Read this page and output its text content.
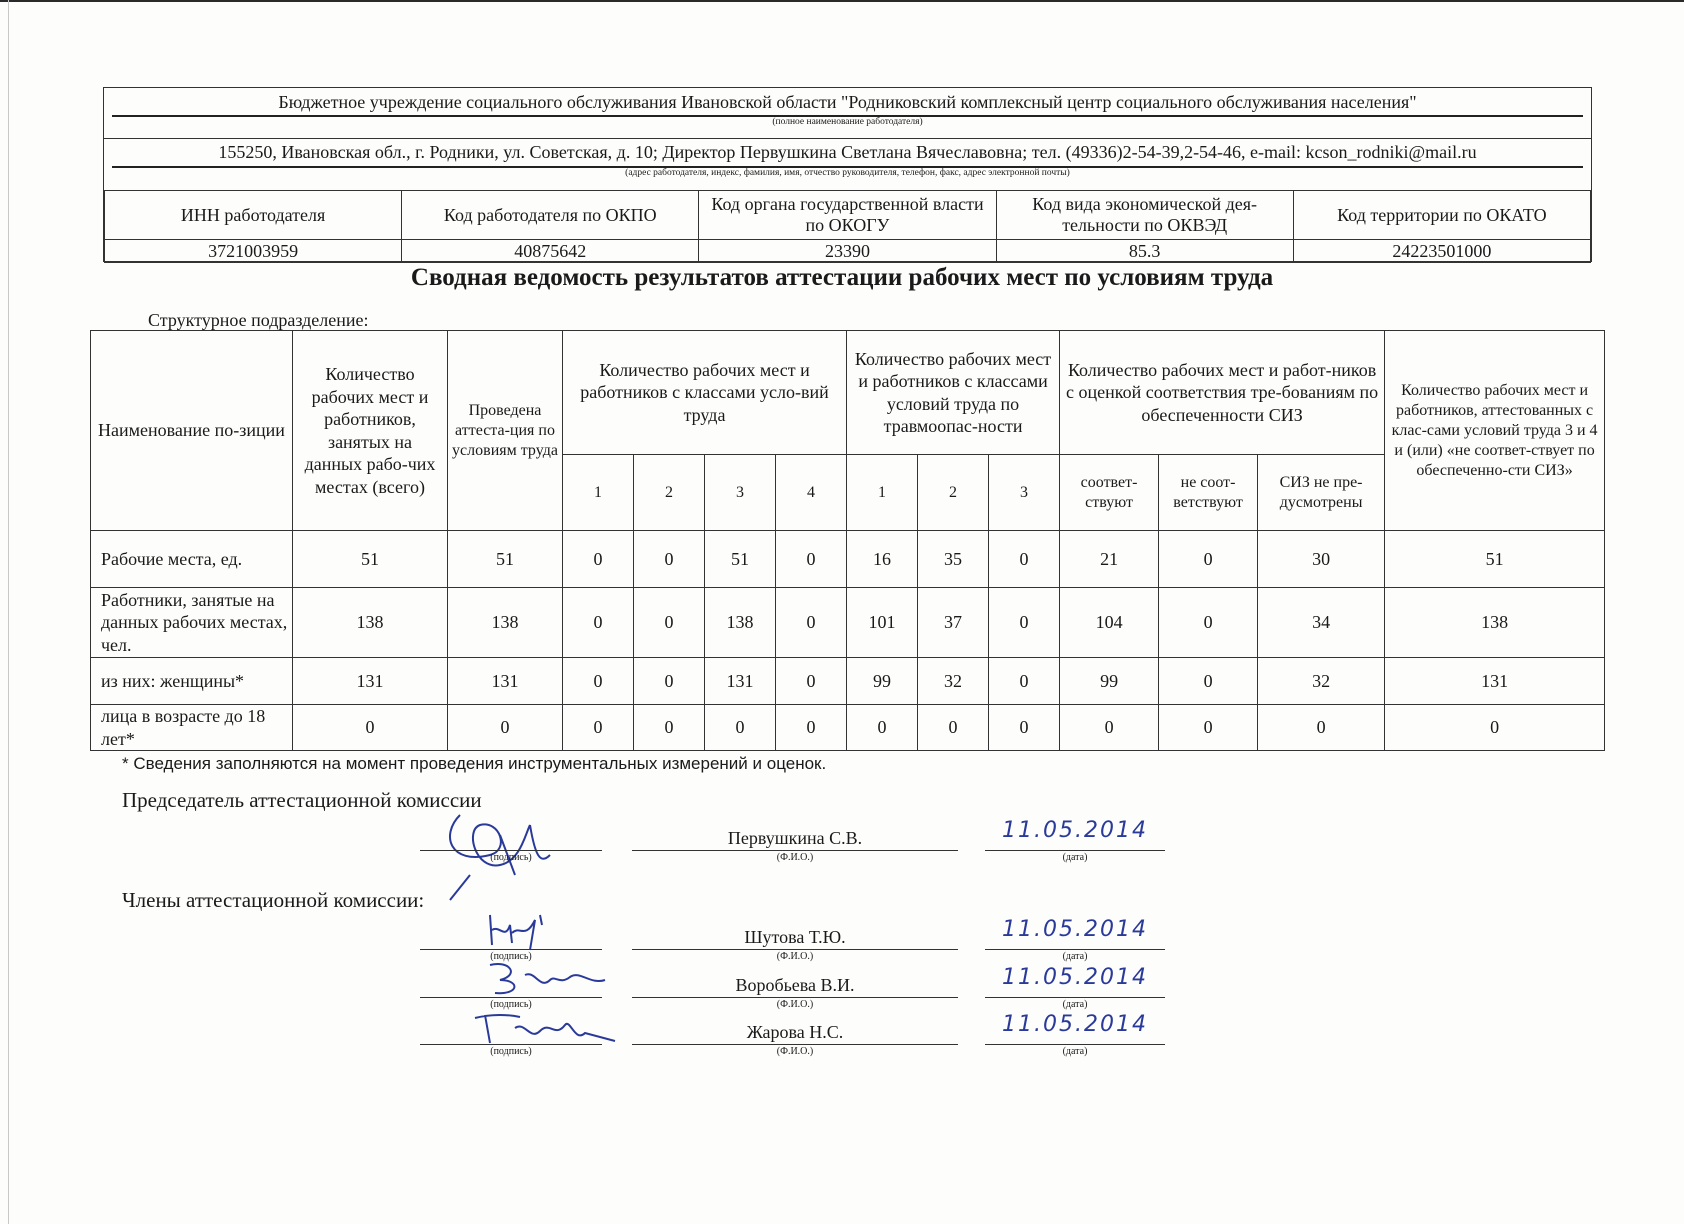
Бюджетное учреждение социального обслуживания Ивановской области "Родниковский комплексный центр социального обслуживания населения"
(полное наименование работодателя)
155250, Ивановская обл., г. Родники, ул. Советская, д. 10; Директор Первушкина Светлана Вячеславовна; тел. (49336)2-54-39,2-54-46, e-mail: kcson_rodniki@mail.ru
(адрес работодателя, индекс, фамилия, имя, отчество руководителя, телефон, факс, адрес электронной почты)
ИНН работодателя	Код работодателя по ОКПО	Код органа государственной власти по ОКОГУ	Код вида экономической дея-тельности по ОКВЭД	Код территории по ОКАТО
3721003959	40875642	23390	85.3	24223501000
Сводная ведомость результатов аттестации рабочих мест по условиям труда
Структурное подразделение:
Наименование по-зиции	Количество рабочих мест и работников, занятых на данных рабо-чих местах (всего)	Проведена аттеста-ция по условиям труда	Количество рабочих мест и работников с классами усло-вий труда				Количество рабочих мест и работников с классами условий труда по травмоопас-ности			Количество рабочих мест и работ-ников с оценкой соответствия тре-бованиям по обеспеченности СИЗ			Количество рабочих мест и работников, аттестованных с клас-сами условий труда 3 и 4 и (или) «не соответ-ствует по обеспеченно-сти СИЗ»
			1	2	3	4	1	2	3	соответ-ствуют	не соот-ветствуют	СИЗ не пре-дусмотрены	
Рабочие места, ед.	51	51	0	0	51	0	16	35	0	21	0	30	51
Работники, занятые на данных рабочих местах, чел.	138	138	0	0	138	0	101	37	0	104	0	34	138
из них: женщины*	131	131	0	0	131	0	99	32	0	99	0	32	131
лица в возрасте до 18 лет*	0	0	0	0	0	0	0	0	0	0	0	0	0
* Сведения заполняются на момент проведения инструментальных измерений и оценок.
Председатель аттестационной комиссии
(подпись)
Первушкина С.В.
(Ф.И.О.)
11.05.2014
(дата)
Члены аттестационной комиссии:
(подпись)
Шутова Т.Ю.
(Ф.И.О.)
11.05.2014
(дата)
(подпись)
Воробьева В.И.
(Ф.И.О.)
11.05.2014
(дата)
(подпись)
Жарова Н.С.
(Ф.И.О.)
11.05.2014
(дата)
